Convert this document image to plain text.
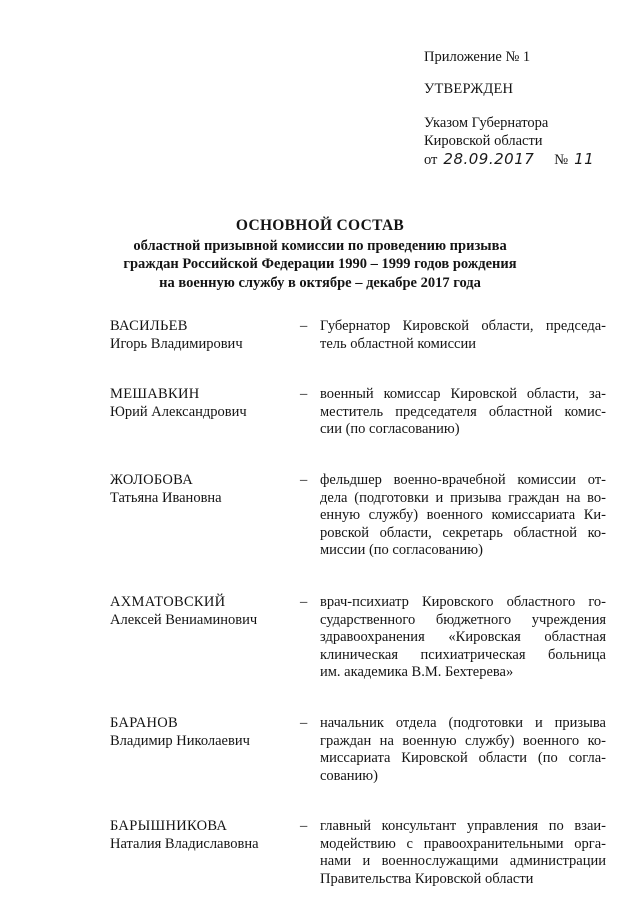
Приложение № 1
УТВЕРЖДЕН
Указом Губернатора
Кировской области
от 28.09.2017 № 11
ОСНОВНОЙ СОСТАВ
областной призывной комиссии по проведению призыва
граждан Российской Федерации 1990 – 1999 годов рождения
на военную службу в октябре – декабре 2017 года
ВАСИЛЬЕВ
Игорь Владимирович
– Губернатор Кировской области, председа-
тель областной комиссии
МЕШАВКИН
Юрий Александрович
– военный комиссар Кировской области, за-
меститель председателя областной комис-
сии (по согласованию)
ЖОЛОБОВА
Татьяна Ивановна
– фельдшер военно-врачебной комиссии от-
дела (подготовки и призыва граждан на во-
енную службу) военного комиссариата Ки-
ровской области, секретарь областной ко-
миссии (по согласованию)
АХМАТОВСКИЙ
Алексей Вениаминович
– врач-психиатр Кировского областного го-
сударственного бюджетного учреждения
здравоохранения «Кировская областная
клиническая психиатрическая больница
им. академика В.М. Бехтерева»
БАРАНОВ
Владимир Николаевич
– начальник отдела (подготовки и призыва
граждан на военную службу) военного ко-
миссариата Кировской области (по согла-
сованию)
БАРЫШНИКОВА
Наталия Владиславовна
– главный консультант управления по взаи-
модействию с правоохранительными орга-
нами и военнослужащими администрации
Правительства Кировской области
